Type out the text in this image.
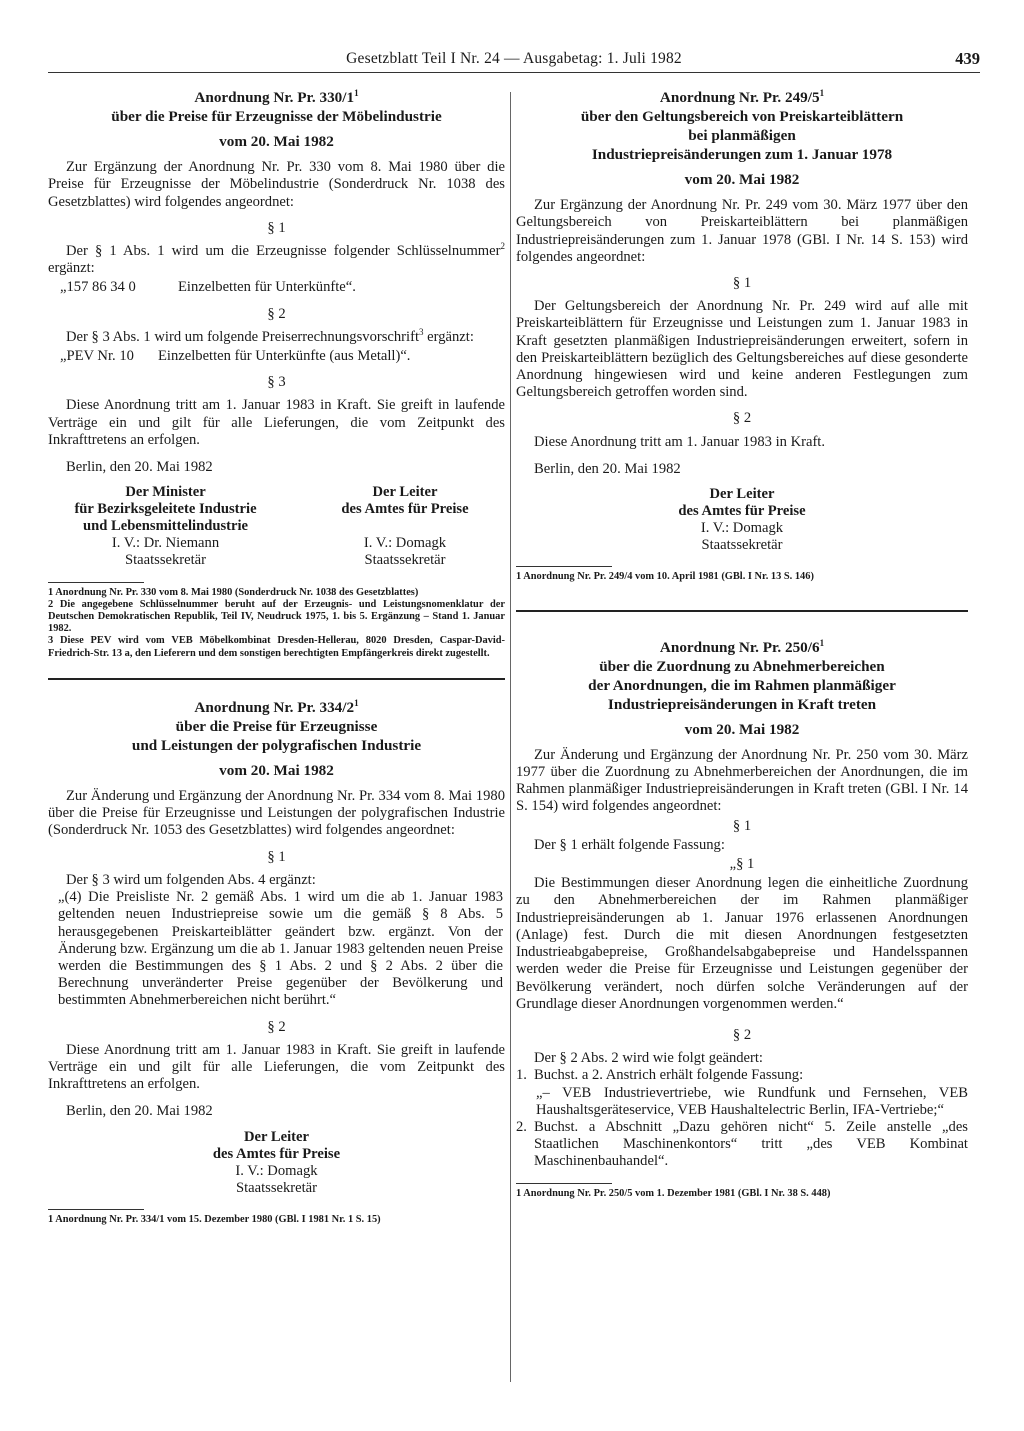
Gesetzblatt Teil I Nr. 24 — Ausgabetag: 1. Juli 1982	439
Anordnung Nr. Pr. $330/1^1$
über die Preise für Erzeugnisse der Möbelindustrie
vom 20. Mai 1982

Zur Ergänzung der Anordnung Nr. Pr. 330 vom 8. Mai 1980 über die Preise für Erzeugnisse der Möbelindustrie (Sonderdruck Nr. 1038 des Gesetzblattes) wird folgendes angeordnet:

§ 1

Der § 1 Abs. 1 wird um die Erzeugnisse folgender Schlüsselnummer$^2$ ergänzt:

„157 86 34 0	Einzelbetten für Unterkünfte“.
§ 2

Der § 3 Abs. 1 wird um folgende Preiserrechnungsvorschrift$^3$ ergänzt:

„PEV Nr. 10 Einzelbetten für Unterkünfte (aus Metall)“.
§ 3

Diese Anordnung tritt am 1. Januar 1983 in Kraft. Sie greift in laufende Verträge ein und gilt für alle Lieferungen, die vom Zeitpunkt des Inkrafttretens an erfolgen.

Berlin, den 20. Mai 1982
Der Minister
für Bezirksgeleitete Industrie
und Lebensmittelindustrie
I. V.: Dr. Niemann
Staatssekretär
Der Leiter
des Amtes für Preise
I. V.: Domagk
Staatssekretär
1 Anordnung Nr. Pr. 330 vom 8. Mai 1980 (Sonderdruck Nr. 1038 des Gesetzblattes)
2 Die angegebene Schlüsselnummer beruht auf der Erzeugnis- und Leistungsnomenklatur der Deutschen Demokratischen Republik, Teil IV, Neudruck 1975, 1. bis 5. Ergänzung – Stand 1. Januar 1982.
3 Diese PEV wird vom VEB Möbelkombinat Dresden-Hellerau, 8020 Dresden, Caspar-David-Friedrich-Str. 13 a, den Lieferern und dem sonstigen berechtigten Empfängerkreis direkt zugestellt.
Anordnung Nr. Pr. $334/2^1$
über die Preise für Erzeugnisse
und Leistungen der polygrafischen Industrie
vom 20. Mai 1982

Zur Änderung und Ergänzung der Anordnung Nr. Pr. 334 vom 8. Mai 1980 über die Preise für Erzeugnisse und Leistungen der polygrafischen Industrie (Sonderdruck Nr. 1053 des Gesetzblattes) wird folgendes angeordnet:

§ 1

Der § 3 wird um folgenden Abs. 4 ergänzt:

„(4) Die Preisliste Nr. 2 gemäß Abs. 1 wird um die ab 1. Januar 1983 geltenden neuen Industriepreise sowie um die gemäß § 8 Abs. 5 herausgegebenen Preiskarteiblätter geändert bzw. ergänzt. Von der Änderung bzw. Ergänzung um die ab 1. Januar 1983 geltenden neuen Preise werden die Bestimmungen des § 1 Abs. 2 und § 2 Abs. 2 über die Berechnung unveränderter Preise gegenüber der Bevölkerung und bestimmten Abnehmerbereichen nicht berührt.“

§ 2

Diese Anordnung tritt am 1. Januar 1983 in Kraft. Sie greift in laufende Verträge ein und gilt für alle Lieferungen, die vom Zeitpunkt des Inkrafttretens an erfolgen.

Berlin, den 20. Mai 1982
Der Leiter
des Amtes für Preise
I. V.: Domagk
Staatssekretär
1 Anordnung Nr. Pr. 334/1 vom 15. Dezember 1980 (GBl. I 1981 Nr. 1 S. 15)
Anordnung Nr. Pr. $249/5^1$
über den Geltungsbereich von Preiskarteiblättern
bei planmäßigen
Industriepreisänderungen zum 1. Januar 1978
vom 20. Mai 1982

Zur Ergänzung der Anordnung Nr. Pr. 249 vom 30. März 1977 über den Geltungsbereich von Preiskarteiblättern bei planmäßigen Industriepreisänderungen zum 1. Januar 1978 (GBl. I Nr. 14 S. 153) wird folgendes angeordnet:

§ 1

Der Geltungsbereich der Anordnung Nr. Pr. 249 wird auf alle mit Preiskarteiblättern für Erzeugnisse und Leistungen zum 1. Januar 1983 in Kraft gesetzten planmäßigen Industriepreisänderungen erweitert, sofern in den Preiskarteiblättern bezüglich des Geltungsbereiches auf diese gesonderte Anordnung hingewiesen wird und keine anderen Festlegungen zum Geltungsbereich getroffen worden sind.

§ 2

Diese Anordnung tritt am 1. Januar 1983 in Kraft.

Berlin, den 20. Mai 1982
Der Leiter
des Amtes für Preise
I. V.: Domagk
Staatssekretär
1 Anordnung Nr. Pr. 249/4 vom 10. April 1981 (GBl. I Nr. 13 S. 146)
Anordnung Nr. Pr. $250/6^1$
über die Zuordnung zu Abnehmerbereichen
der Anordnungen, die im Rahmen planmäßiger
Industriepreisänderungen in Kraft treten
vom 20. Mai 1982

Zur Änderung und Ergänzung der Anordnung Nr. Pr. 250 vom 30. März 1977 über die Zuordnung zu Abnehmerbereichen der Anordnungen, die im Rahmen planmäßiger Industriepreisänderungen in Kraft treten (GBl. I Nr. 14 S. 154) wird folgendes angeordnet:

§ 1

Der § 1 erhält folgende Fassung:

„§ 1

Die Bestimmungen dieser Anordnung legen die einheitliche Zuordnung zu den Abnehmerbereichen der im Rahmen planmäßiger Industriepreisänderungen ab 1. Januar 1976 erlassenen Anordnungen (Anlage) fest. Durch die mit diesen Anordnungen festgesetzten Industrieabgabepreise, Großhandelsabgabepreise und Handelsspannen werden weder die Preise für Erzeugnisse und Leistungen gegenüber der Bevölkerung verändert, noch dürfen solche Veränderungen auf der Grundlage dieser Anordnungen vorgenommen werden.“

§ 2

Der § 2 Abs. 2 wird wie folgt geändert:

1. Buchst. a 2. Anstrich erhält folgende Fassung:

„– VEB Industrievertriebe, wie Rundfunk und Fernsehen, VEB Haushaltsgeräteservice, VEB Haushaltelectric Berlin, IFA-Vertriebe;“

2. Buchst. a Abschnitt „Dazu gehören nicht“ 5. Zeile anstelle „des Staatlichen Maschinenkontors“ tritt „des VEB Kombinat Maschinenbauhandel“.
1 Anordnung Nr. Pr. 250/5 vom 1. Dezember 1981 (GBl. I Nr. 38 S. 448)
